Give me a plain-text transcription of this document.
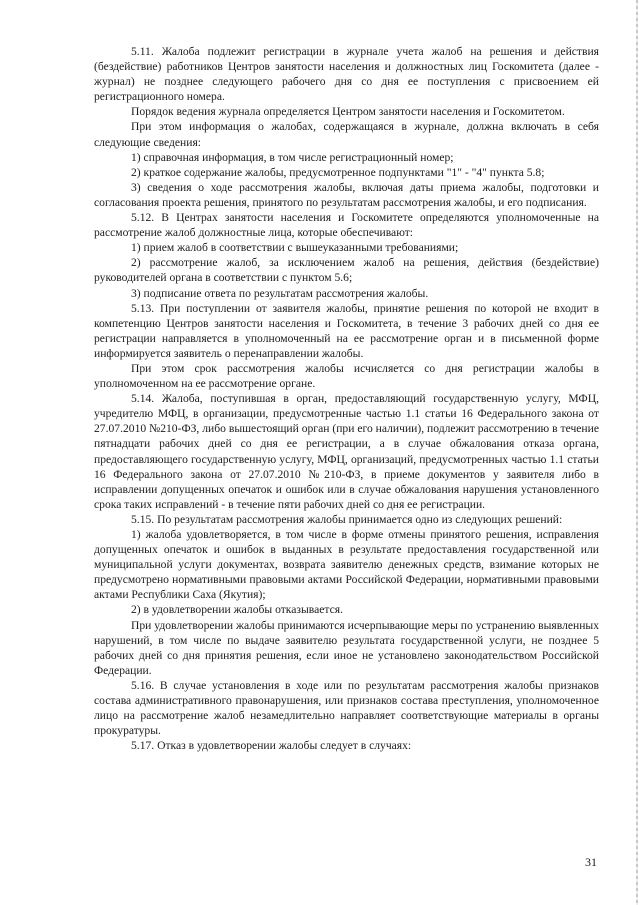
5.11. Жалоба подлежит регистрации в журнале учета жалоб на решения и действия (бездействие) работников Центров занятости населения и должностных лиц Госкомитета (далее - журнал) не позднее следующего рабочего дня со дня ее поступления с присвоением ей регистрационного номера.

Порядок ведения журнала определяется Центром занятости населения и Госкомитетом.

При этом информация о жалобах, содержащаяся в журнале, должна включать в себя следующие сведения:

1) справочная информация, в том числе регистрационный номер;

2) краткое содержание жалобы, предусмотренное подпунктами "1" - "4" пункта 5.8;

3) сведения о ходе рассмотрения жалобы, включая даты приема жалобы, подготовки и согласования проекта решения, принятого по результатам рассмотрения жалобы, и его подписания.

5.12. В Центрах занятости населения и Госкомитете определяются уполномоченные на рассмотрение жалоб должностные лица, которые обеспечивают:

1) прием жалоб в соответствии с вышеуказанными требованиями;

2) рассмотрение жалоб, за исключением жалоб на решения, действия (бездействие) руководителей органа в соответствии с пунктом 5.6;

3) подписание ответа по результатам рассмотрения жалобы.

5.13. При поступлении от заявителя жалобы, принятие решения по которой не входит в компетенцию Центров занятости населения и Госкомитета, в течение 3 рабочих дней со дня ее регистрации направляется в уполномоченный на ее рассмотрение орган и в письменной форме информируется заявитель о перенаправлении жалобы.

При этом срок рассмотрения жалобы исчисляется со дня регистрации жалобы в уполномоченном на ее рассмотрение органе.

5.14. Жалоба, поступившая в орган, предоставляющий государственную услугу, МФЦ, учредителю МФЦ, в организации, предусмотренные частью 1.1 статьи 16 Федерального закона от 27.07.2010 №210-ФЗ, либо вышестоящий орган (при его наличии), подлежит рассмотрению в течение пятнадцати рабочих дней со дня ее регистрации, а в случае обжалования отказа органа, предоставляющего государственную услугу, МФЦ, организаций, предусмотренных частью 1.1 статьи 16 Федерального закона от 27.07.2010 №210-ФЗ, в приеме документов у заявителя либо в исправлении допущенных опечаток и ошибок или в случае обжалования нарушения установленного срока таких исправлений - в течение пяти рабочих дней со дня ее регистрации.

5.15. По результатам рассмотрения жалобы принимается одно из следующих решений:

1) жалоба удовлетворяется, в том числе в форме отмены принятого решения, исправления допущенных опечаток и ошибок в выданных в результате предоставления государственной или муниципальной услуги документах, возврата заявителю денежных средств, взимание которых не предусмотрено нормативными правовыми актами Российской Федерации, нормативными правовыми актами Республики Саха (Якутия);

2) в удовлетворении жалобы отказывается.

При удовлетворении жалобы принимаются исчерпывающие меры по устранению выявленных нарушений, в том числе по выдаче заявителю результата государственной услуги, не позднее 5 рабочих дней со дня принятия решения, если иное не установлено законодательством Российской Федерации.

5.16. В случае установления в ходе или по результатам рассмотрения жалобы признаков состава административного правонарушения, или признаков состава преступления, уполномоченное лицо на рассмотрение жалоб незамедлительно направляет соответствующие материалы в органы прокуратуры.

5.17. Отказ в удовлетворении жалобы следует в случаях:

31
